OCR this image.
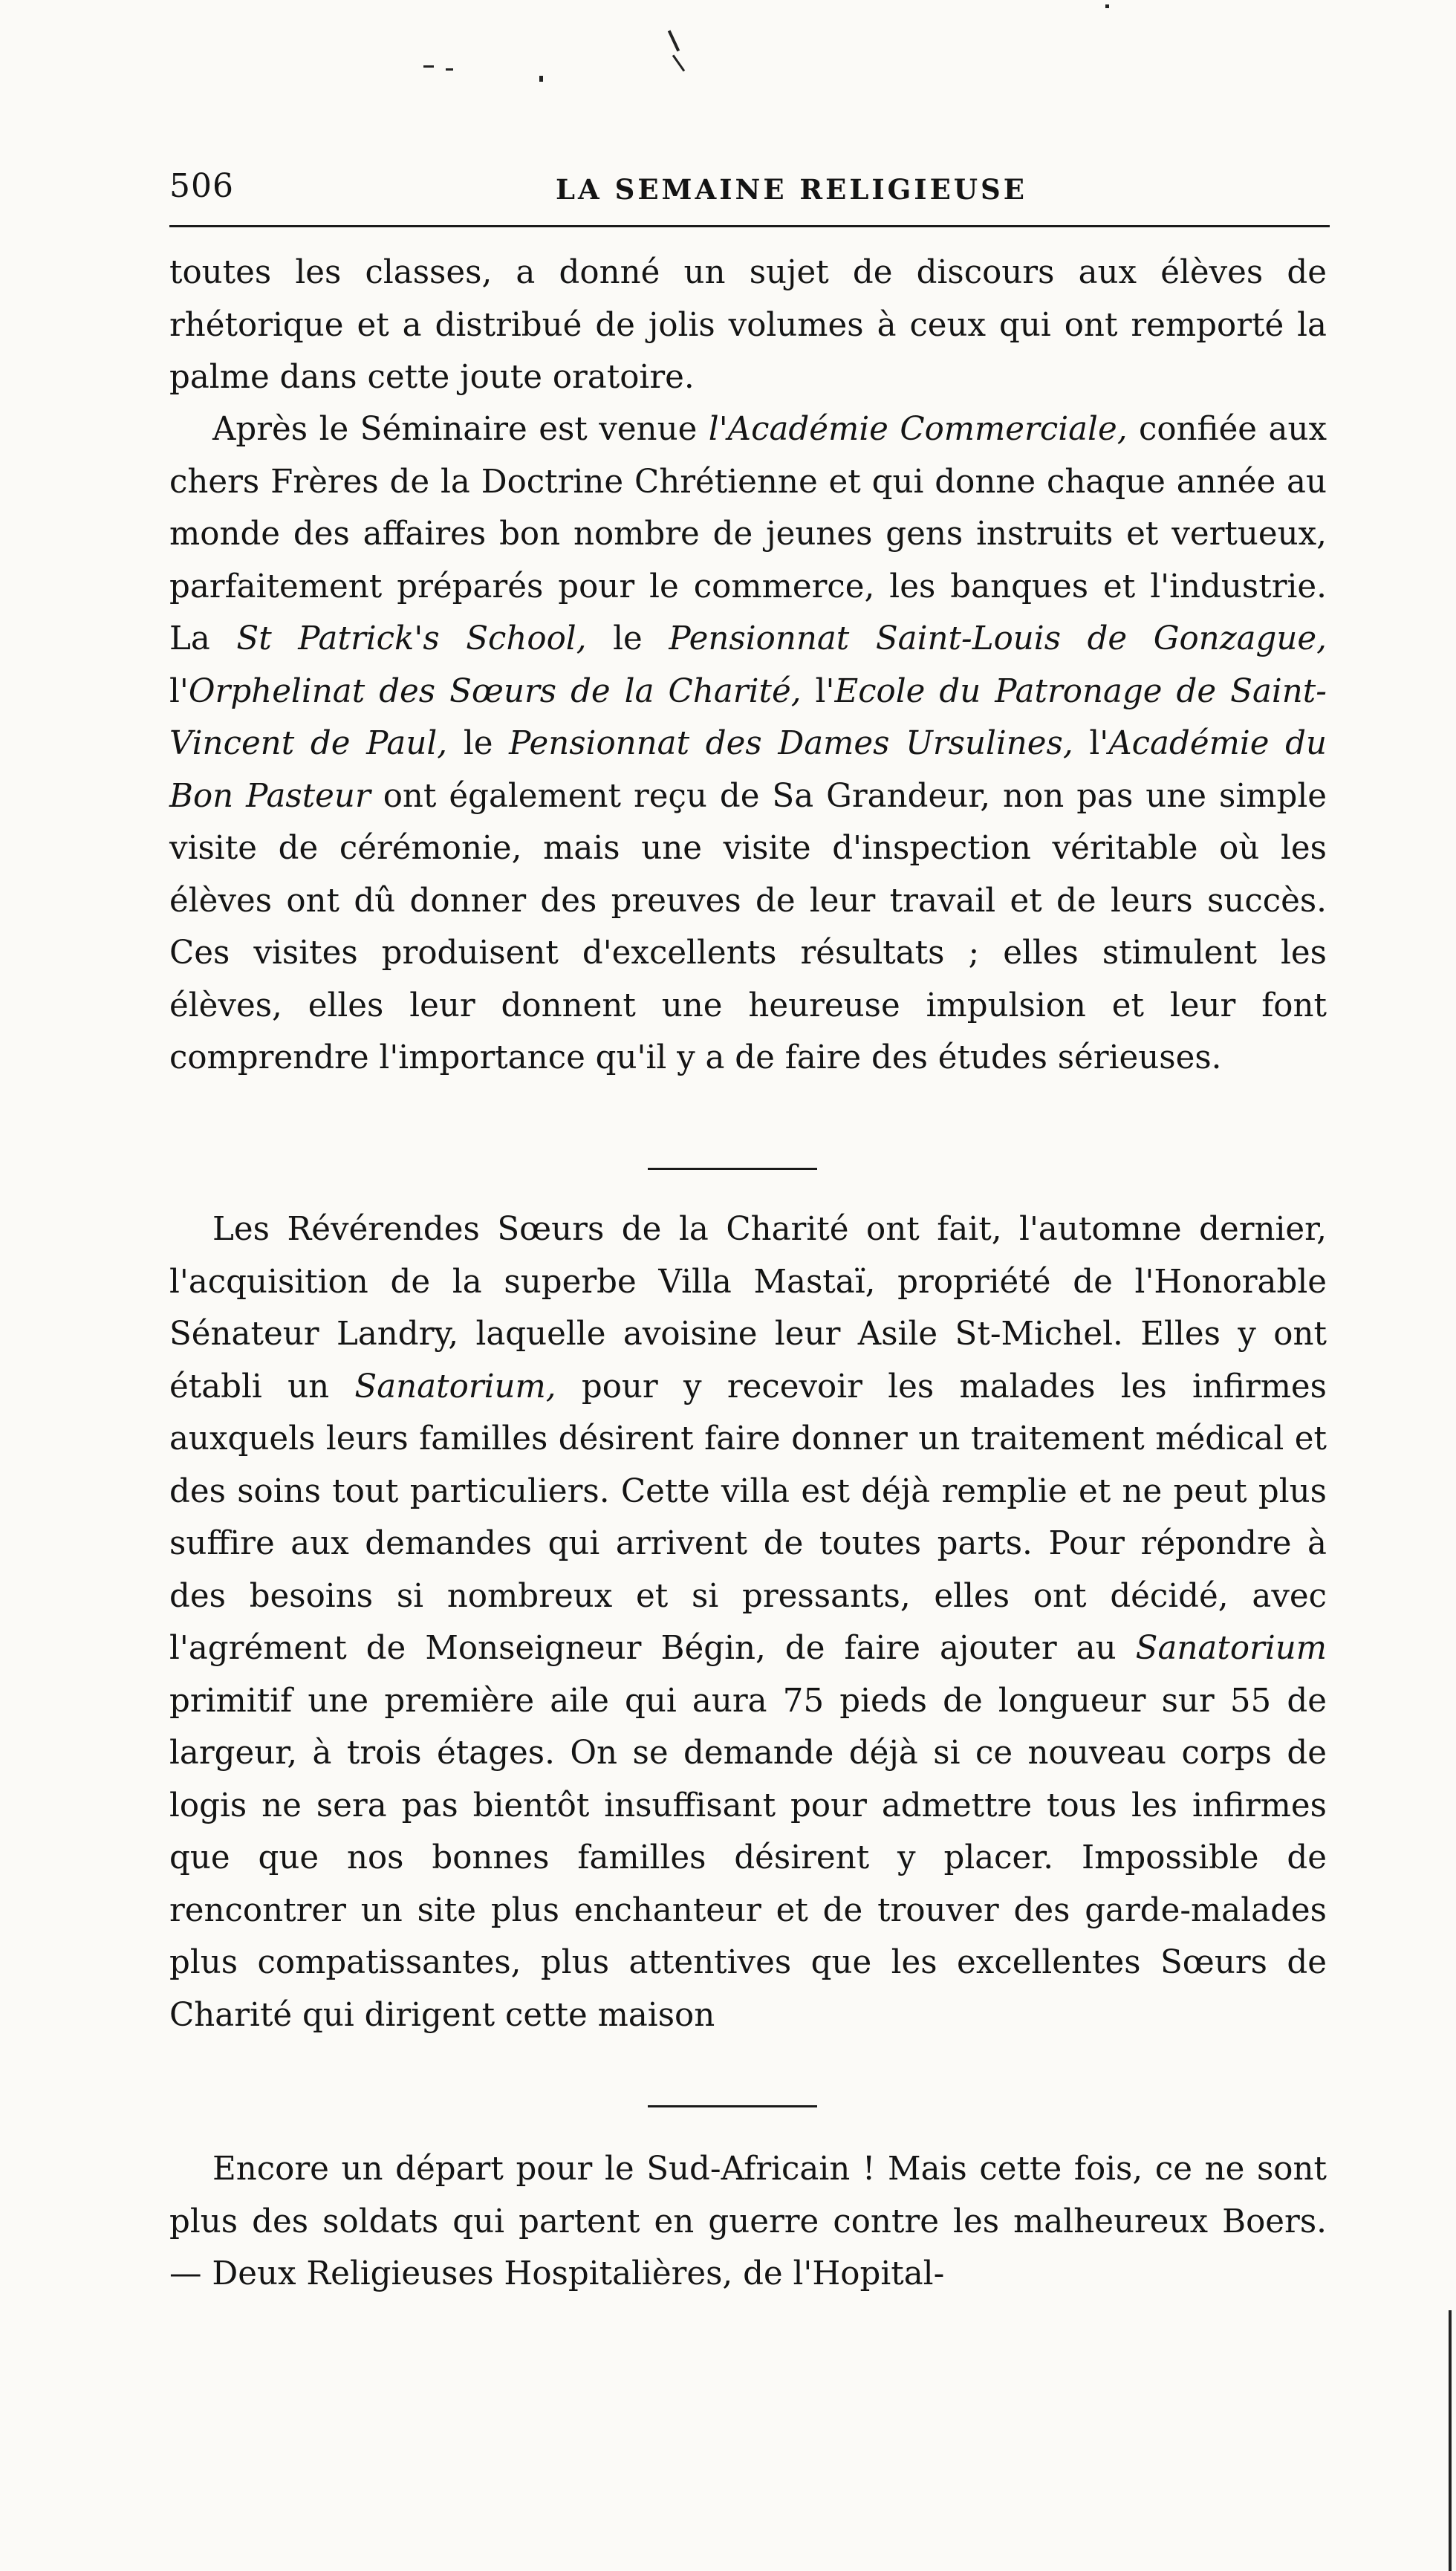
506	LA SEMAINE RELIGIEUSE

toutes les classes, a donné un sujet de discours aux élèves de rhétorique et a distribué de jolis volumes à ceux qui ont remporté la palme dans cette joute oratoire.

Après le Séminaire est venue l'Académie Commerciale, confiée aux chers Frères de la Doctrine Chrétienne et qui donne chaque année au monde des affaires bon nombre de jeunes gens instruits et vertueux, parfaitement préparés pour le commerce, les banques et l'industrie. La St Patrick's School, le Pensionnat Saint-Louis de Gonzague, l'Orphelinat des Sœurs de la Charité, l'Ecole du Patronage de Saint-Vincent de Paul, le Pensionnat des Dames Ursulines, l'Académie du Bon Pasteur ont également reçu de Sa Grandeur, non pas une simple visite de cérémonie, mais une visite d'inspection véritable où les élèves ont dû donner des preuves de leur travail et de leurs succès. Ces visites produisent d'excellents résultats ; elles stimulent les élèves, elles leur donnent une heureuse impulsion et leur font comprendre l'importance qu'il y a de faire des études sérieuses.

Les Révérendes Sœurs de la Charité ont fait, l'automne dernier, l'acquisition de la superbe Villa Mastaï, propriété de l'Honorable Sénateur Landry, laquelle avoisine leur Asile St-Michel. Elles y ont établi un Sanatorium, pour y recevoir les malades les infirmes auxquels leurs familles désirent faire donner un traitement médical et des soins tout particuliers. Cette villa est déjà remplie et ne peut plus suffire aux demandes qui arrivent de toutes parts. Pour répondre à des besoins si nombreux et si pressants, elles ont décidé, avec l'agrément de Monseigneur Bégin, de faire ajouter au Sanatorium primitif une première aile qui aura 75 pieds de longueur sur 55 de largeur, à trois étages. On se demande déjà si ce nouveau corps de logis ne sera pas bientôt insuffisant pour admettre tous les infirmes que que nos bonnes familles désirent y placer. Impossible de rencontrer un site plus enchanteur et de trouver des garde-malades plus compatissantes, plus attentives que les excellentes Sœurs de Charité qui dirigent cette maison

Encore un départ pour le Sud-Africain ! Mais cette fois, ce ne sont plus des soldats qui partent en guerre contre les malheureux Boers. — Deux Religieuses Hospitalières, de l'Hopital-
